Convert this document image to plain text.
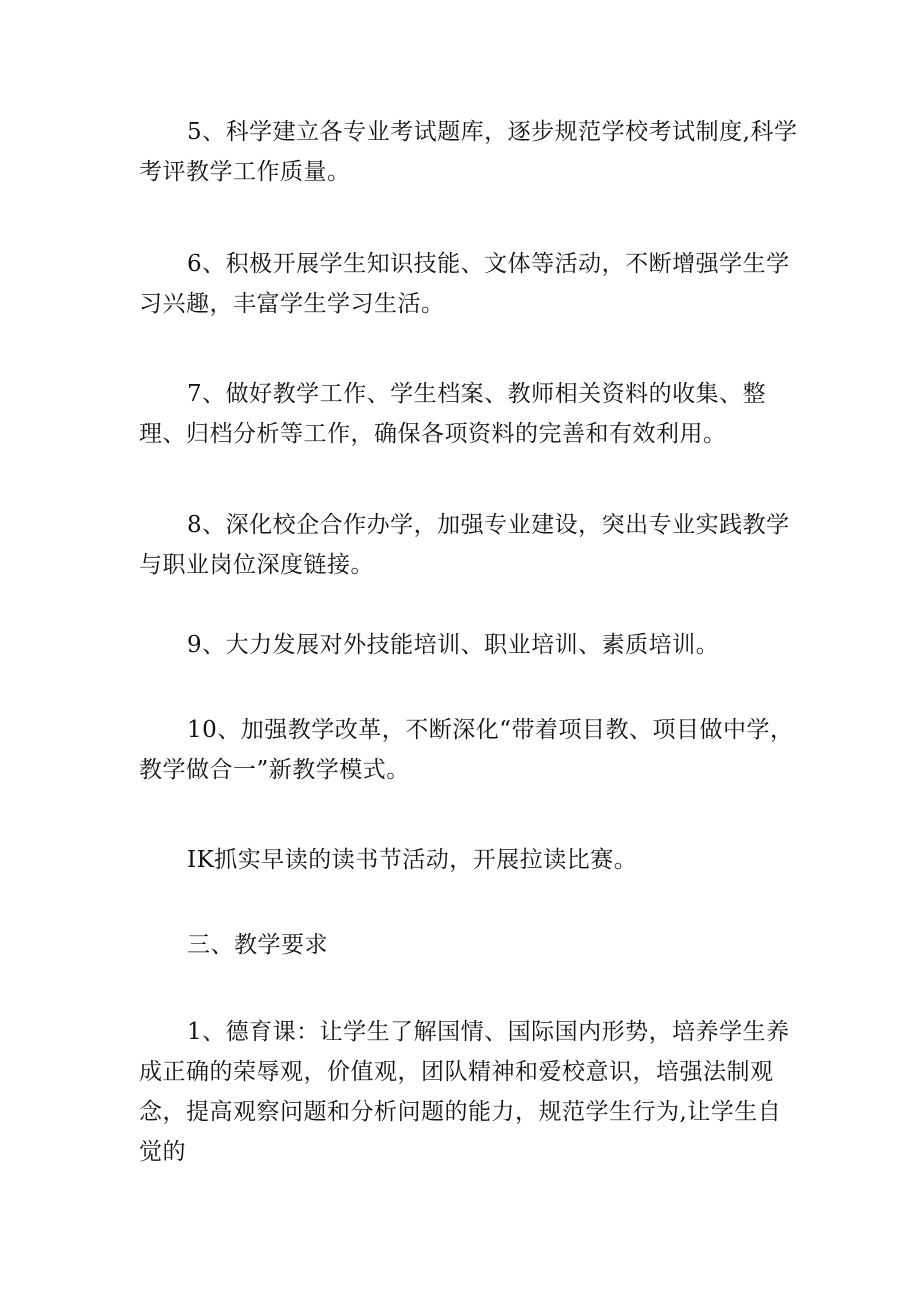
5、科学建立各专业考试题库，逐步规范学校考试制度,科学考评教学工作质量。

6、积极开展学生知识技能、文体等活动，不断增强学生学习兴趣，丰富学生学习生活。

7、做好教学工作、学生档案、教师相关资料的收集、整理、归档分析等工作，确保各项资料的完善和有效利用。

8、深化校企合作办学，加强专业建设，突出专业实践教学与职业岗位深度链接。

9、大力发展对外技能培训、职业培训、素质培训。

10、加强教学改革，不断深化“带着项目教、项目做中学，教学做合一”新教学模式。

IK抓实早读的读书节活动，开展拉读比赛。

三、教学要求

1、德育课：让学生了解国情、国际国内形势，培养学生养成正确的荣辱观，价值观，团队精神和爱校意识，培强法制观念，提高观察问题和分析问题的能力，规范学生行为,让学生自觉的
